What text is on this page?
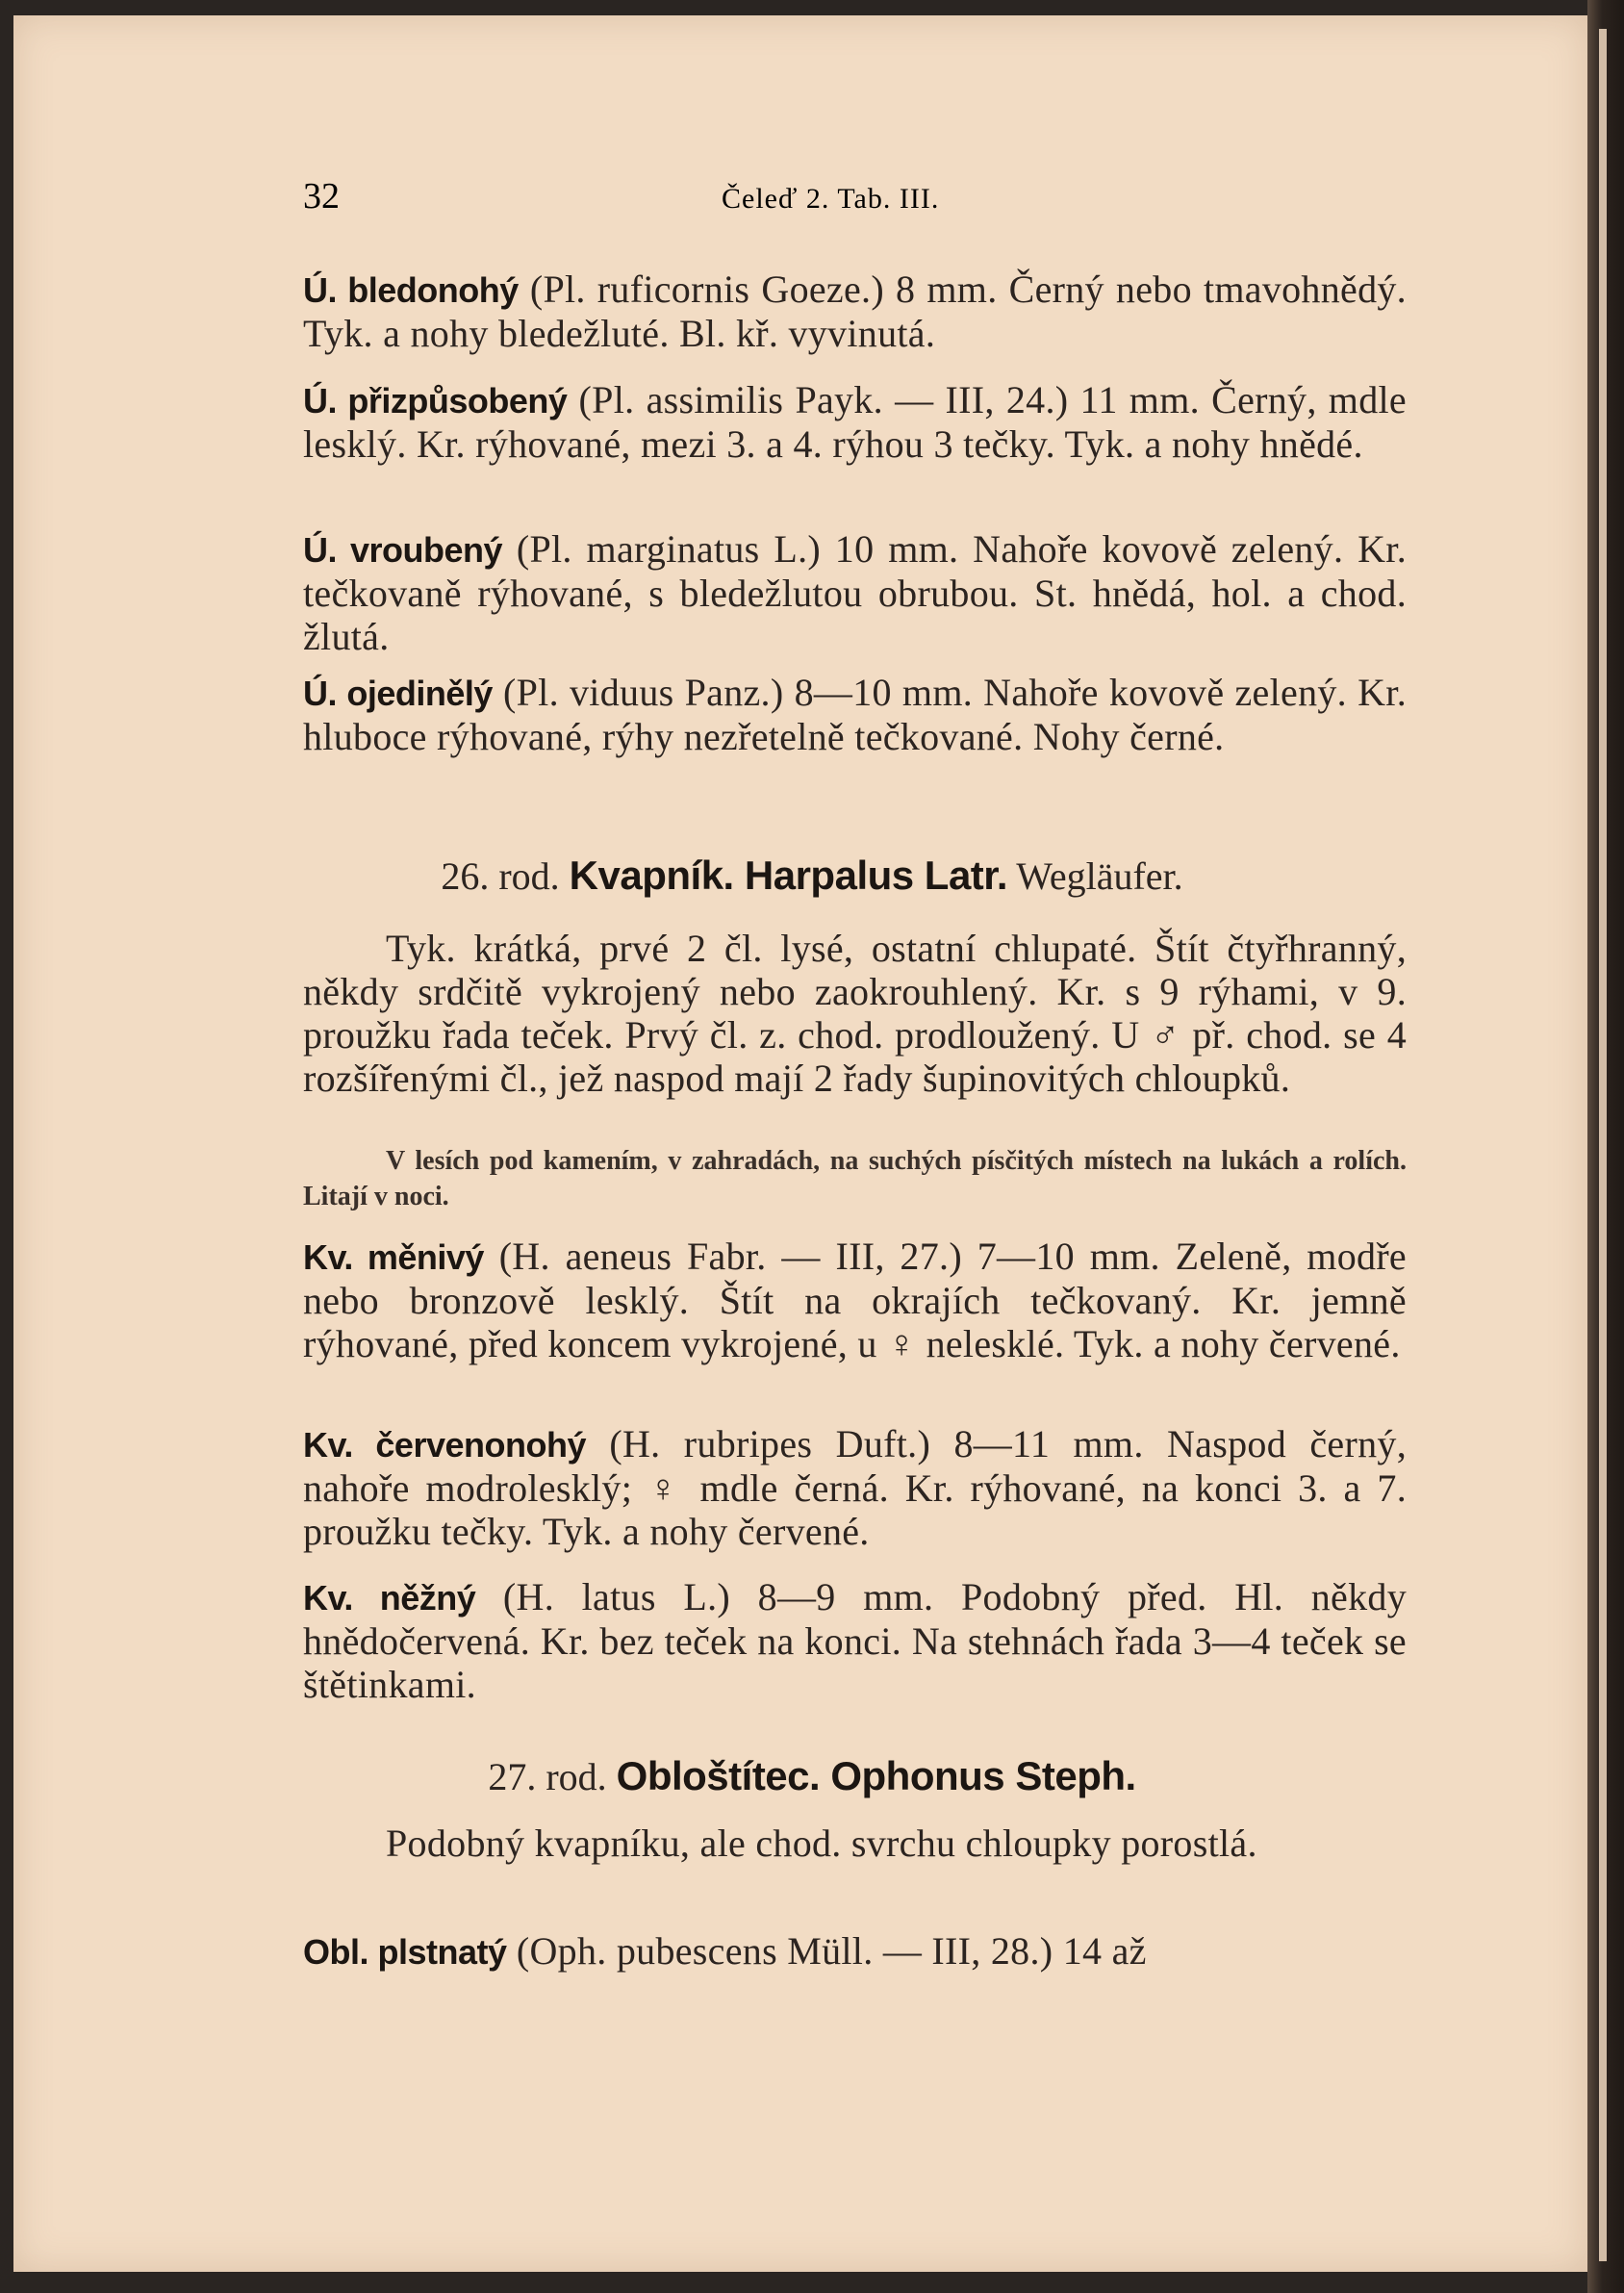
32	Čeleď 2. Tab. III.
Ú. bledonohý (Pl. ruficornis Goeze.) 8 mm. Černý nebo tmavohnědý. Tyk. a nohy bledežluté. Bl. kř. vyvinutá.
Ú. přizpůsobený (Pl. assimilis Payk. — III, 24.) 11 mm. Černý, mdle lesklý. Kr. rýhované, mezi 3. a 4. rýhou 3 tečky. Tyk. a nohy hnědé.
Ú. vroubený (Pl. marginatus L.) 10 mm. Nahoře kovově zelený. Kr. tečkovaně rýhované, s bledežlutou obrubou. St. hnědá, hol. a chod. žlutá.
Ú. ojedinělý (Pl. viduus Panz.) 8—10 mm. Nahoře kovově zelený. Kr. hluboce rýhované, rýhy nezřetelně tečkované. Nohy černé.
26. rod. Kvapník. Harpalus Latr. Wegläufer.
Tyk. krátká, prvé 2 čl. lysé, ostatní chlupaté. Štít čtyřhranný, někdy srdčitě vykrojený nebo zaokrouhlený. Kr. s 9 rýhami, v 9. proužku řada teček. Prvý čl. z. chod. prodloužený. U ♂ př. chod. se 4 rozšířenými čl., jež naspod mají 2 řady šupinovitých chloupků.
V lesích pod kamením, v zahradách, na suchých písčitých místech na lukách a rolích. Litají v noci.
Kv. měnivý (H. aeneus Fabr. — III, 27.) 7—10 mm. Zeleně, modře nebo bronzově lesklý. Štít na okrajích tečkovaný. Kr. jemně rýhované, před koncem vykrojené, u ♀ nelesklé. Tyk. a nohy červené.
Kv. červenonohý (H. rubripes Duft.) 8—11 mm. Naspod černý, nahoře modrolesklý; ♀ mdle černá. Kr. rýhované, na konci 3. a 7. proužku tečky. Tyk. a nohy červené.
Kv. něžný (H. latus L.) 8—9 mm. Podobný před. Hl. někdy hnědočervená. Kr. bez teček na konci. Na stehnách řada 3—4 teček se štětinkami.
27. rod. Obloštítec. Ophonus Steph.
Podobný kvapníku, ale chod. svrchu chloupky porostlá.
Obl. plstnatý (Oph. pubescens Müll. — III, 28.) 14 až
